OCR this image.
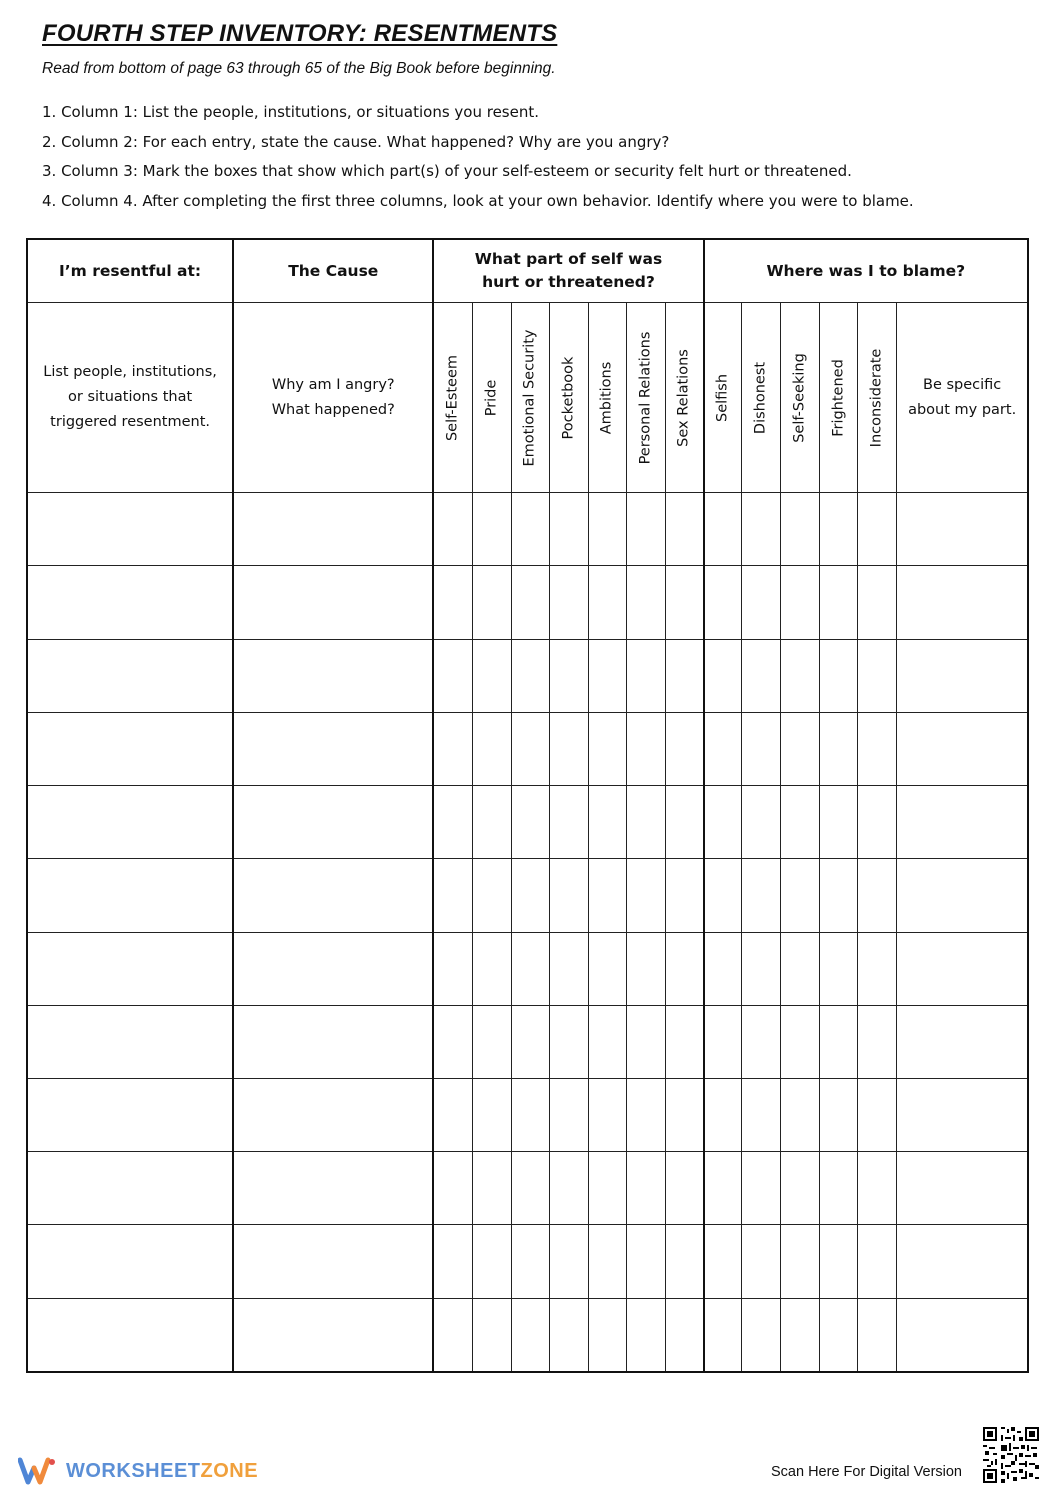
FOURTH STEP INVENTORY: RESENTMENTS

Read from bottom of page 63 through 65 of the Big Book before beginning.

1. Column 1: List the people, institutions, or situations you resent.
2. Column 2: For each entry, state the cause. What happened? Why are you angry?
3. Column 3: Mark the boxes that show which part(s) of your self-esteem or security felt hurt or threatened.
4. Column 4. After completing the first three columns, look at your own behavior. Identify where you were to blame.
I’m resentful at:	The Cause	What part of self was
hurt or threatened?							Where was I to blame?					
List people, institutions,
or situations that
triggered resentment.	Why am I angry?
What happened?	Self-Esteem	Pride	Emotional Security	Pocketbook	Ambitions	Personal Relations	Sex Relations	Selfish	Dishonest	Self-Seeking	Frightened	Inconsiderate	Be specific
about my part.

WORKSHEETZONE	Scan Here For Digital Version
